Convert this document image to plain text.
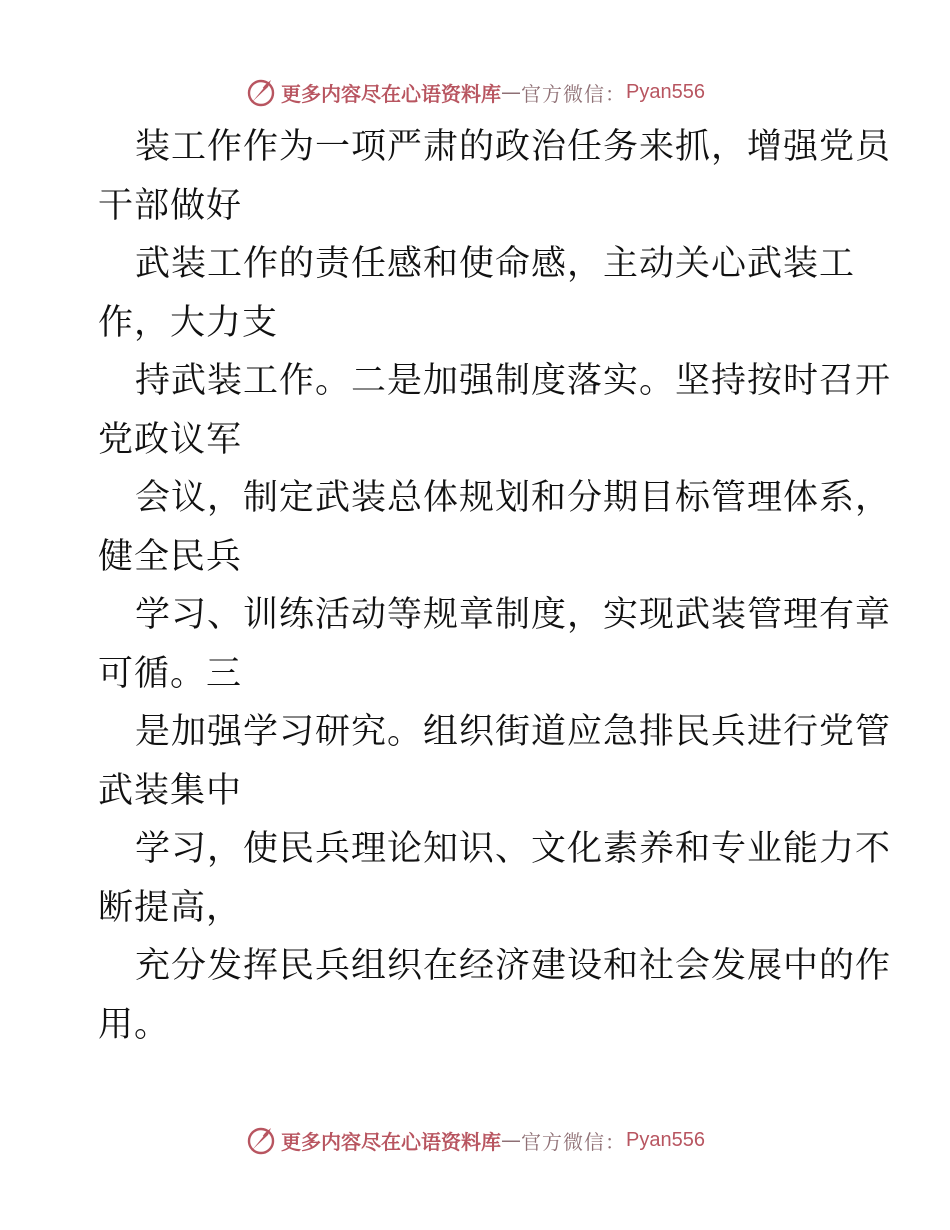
更多内容尽在心语资料库 — 官方微信： Pyan556
装工作作为一项严肃的政治任务来抓，增强党员
干部做好
武装工作的责任感和使命感，主动关心武装工
作，大力支
持武装工作。二是加强制度落实。坚持按时召开
党政议军
会议，制定武装总体规划和分期目标管理体系，
健全民兵
学习、训练活动等规章制度，实现武装管理有章
可循。三
是加强学习研究。组织街道应急排民兵进行党管
武装集中
学习，使民兵理论知识、文化素养和专业能力不
断提高，
充分发挥民兵组织在经济建设和社会发展中的作
用。
更多内容尽在心语资料库 — 官方微信： Pyan556
